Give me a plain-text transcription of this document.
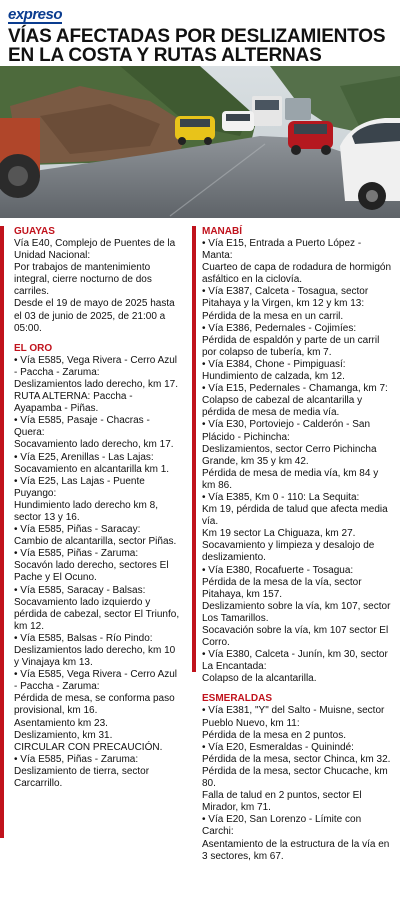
expreso
VÍAS AFECTADAS POR DESLIZAMIENTOS EN LA COSTA Y RUTAS ALTERNAS

GUAYAS

Vía E40, Complejo de Puentes de la Unidad Nacional:

Por trabajos de mantenimiento integral, cierre nocturno de dos carriles.

Desde el 19 de mayo de 2025 hasta el 03 de junio de 2025, de 21:00 a 05:00.

EL ORO

• Vía E585, Vega Rivera - Cerro Azul - Paccha - Zaruma:

Deslizamientos lado derecho, km 17.

RUTA ALTERNA: Paccha - Ayapamba - Piñas.

• Vía E585, Pasaje - Chacras - Quera:

Socavamiento lado derecho, km 17.

• Vía E25, Arenillas - Las Lajas:

Socavamiento en alcantarilla km 1.

• Vía E25, Las Lajas - Puente Puyango:

Hundimiento lado derecho km 8, sector 13 y 16.

• Vía E585, Piñas - Saracay:

Cambio de alcantarilla, sector Piñas.

• Vía E585, Piñas - Zaruma:

Socavón lado derecho, sectores El Pache y El Ocuno.

• Vía E585, Saracay - Balsas:

Socavamiento lado izquierdo y pérdida de cabezal, sector El Triunfo, km 12.

• Vía E585, Balsas - Río Pindo:

Deslizamientos lado derecho, km 10 y Vinajaya km 13.

• Vía E585, Vega Rivera - Cerro Azul - Paccha - Zaruma:

Pérdida de mesa, se conforma paso provisional, km 16.

Asentamiento km 23.

Deslizamiento, km 31.

CIRCULAR CON PRECAUCIÓN.

• Vía E585, Piñas - Zaruma:

Deslizamiento de tierra, sector Carcarrillo.

MANABÍ

• Vía E15, Entrada a Puerto López - Manta:

Cuarteo de capa de rodadura de hormigón asfáltico en la ciclovía.

• Vía E387, Calceta - Tosagua, sector Pitahaya y la Virgen, km 12 y km 13:

Pérdida de la mesa en un carril.

• Vía E386, Pedernales - Cojimíes:

Pérdida de espaldón y parte de un carril por colapso de tubería, km 7.

• Vía E384, Chone - Pimpiguasí:

Hundimiento de calzada, km 12.

• Vía E15, Pedernales - Chamanga, km 7:

Colapso de cabezal de alcantarilla y pérdida de mesa de media vía.

• Vía E30, Portoviejo - Calderón - San Plácido - Pichincha:

Deslizamientos, sector Cerro Pichincha Grande, km 35 y km 42.

Pérdida de mesa de media vía, km 84 y km 86.

• Vía E385, Km 0 - 110: La Sequita:

Km 19, pérdida de talud que afecta media vía.

Km 19 sector La Chiguaza, km 27.

Socavamiento y limpieza y desalojo de deslizamiento.

• Vía E380, Rocafuerte - Tosagua:

Pérdida de la mesa de la vía, sector Pitahaya, km 157.

Deslizamiento sobre la vía, km 107, sector Los Tamarillos.

Socavación sobre la vía, km 107 sector El Corro.

• Vía E380, Calceta - Junín, km 30, sector La Encantada:

Colapso de la alcantarilla.

ESMERALDAS

• Vía E381, "Y" del Salto - Muisne, sector Pueblo Nuevo, km 11:

Pérdida de la mesa en 2 puntos.

• Vía E20, Esmeraldas - Quinindé:

Pérdida de la mesa, sector Chinca, km 32.

Pérdida de la mesa, sector Chucache, km 80.

Falla de talud en 2 puntos, sector El Mirador, km 71.

• Vía E20, San Lorenzo - Límite con Carchi:

Asentamiento de la estructura de la vía en 3 sectores, km 67.
